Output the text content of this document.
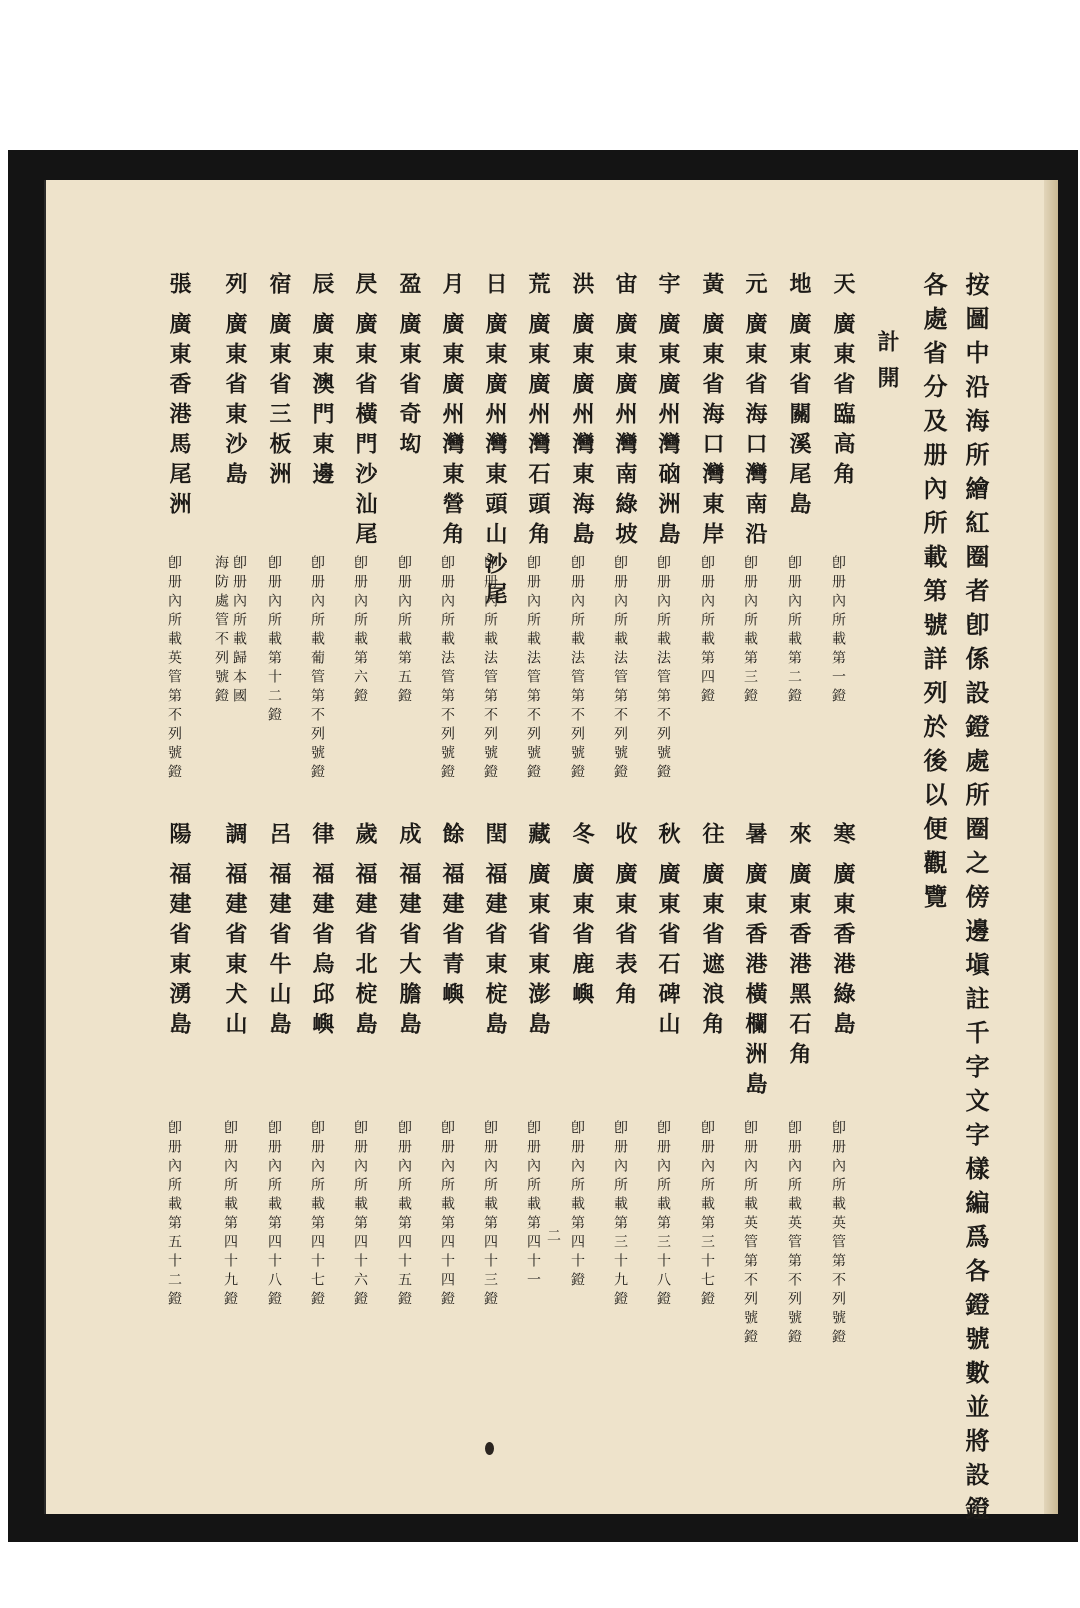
按圖中沿海所繪紅圈者卽係設鐙處所圈之傍邊塡註千字文字樣編爲各鐙號數並將設鐙
各處省分及册內所載第號詳列於後以便觀覽
計開
天
廣東省臨高角
卽册內所載第一鐙
地
廣東省關溪尾島
卽册內所載第二鐙
元
廣東省海口灣南沿
卽册內所載第三鐙
黃
廣東省海口灣東岸
卽册內所載第四鐙
宇
廣東廣州灣硇洲島
卽册內所載法管第不列號鐙
宙
廣東廣州灣南綠坡
卽册內所載法管第不列號鐙
洪
廣東廣州灣東海島
卽册內所載法管第不列號鐙
荒
廣東廣州灣石頭角
卽册內所載法管第不列號鐙
日
廣東廣州灣東頭山沙尾
卽册內所載法管第不列號鐙
月
廣東廣州灣東營角
卽册內所載法管第不列號鐙
盈
廣東省奇㘭
卽册內所載第五鐙
昃
廣東省橫門沙汕尾
卽册內所載第六鐙
辰
廣東澳門東邊
卽册內所載葡管第不列號鐙
宿
廣東省三板洲
卽册內所載第十二鐙
列
廣東省東沙島
卽册內所載歸本國
海防處管不列號鐙
張
廣東香港馬尾洲
卽册內所載英管第不列號鐙
寒
廣東香港綠島
卽册內所載英管第不列號鐙
來
廣東香港黑石角
卽册內所載英管第不列號鐙
暑
廣東香港橫欄洲島
卽册內所載英管第不列號鐙
往
廣東省遮浪角
卽册內所載第三十七鐙
秋
廣東省石碑山
卽册內所載第三十八鐙
收
廣東省表角
卽册內所載第三十九鐙
冬
廣東省鹿嶼
卽册內所載第四十鐙
藏
廣東省東澎島
卽册內所載第四十一 二
閏
福建省東椗島
卽册內所載第四十三鐙
餘
福建省青嶼
卽册內所載第四十四鐙
成
福建省大膽島
卽册內所載第四十五鐙
歲
福建省北椗島
卽册內所載第四十六鐙
律
福建省烏邱嶼
卽册內所載第四十七鐙
呂
福建省牛山島
卽册內所載第四十八鐙
調
福建省東犬山
卽册內所載第四十九鐙
陽
福建省東湧島
卽册內所載第五十二鐙
